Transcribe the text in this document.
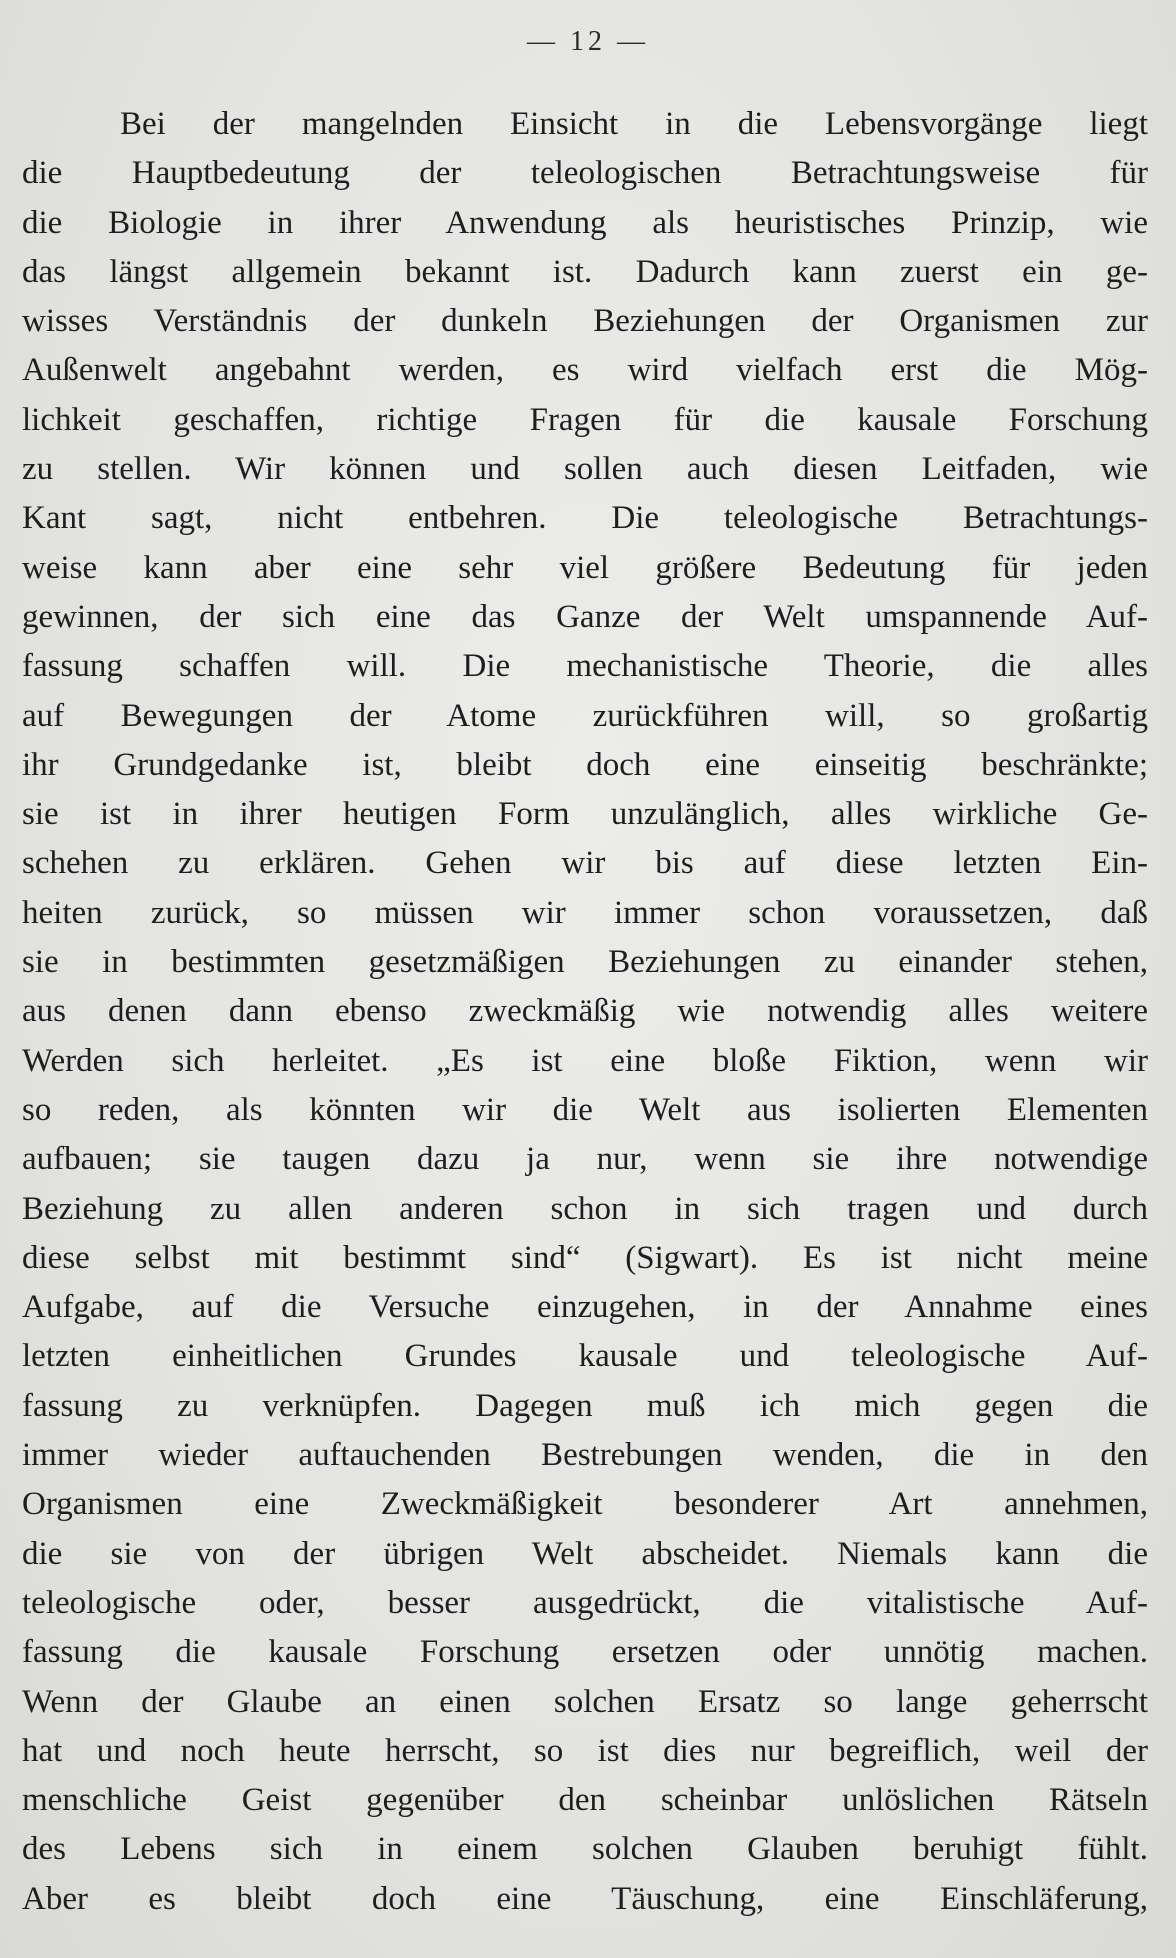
— 12 —
Bei der mangelnden Einsicht in die Lebensvorgänge liegt
die Hauptbedeutung der teleologischen Betrachtungsweise für
die Biologie in ihrer Anwendung als heuristisches Prinzip, wie
das längst allgemein bekannt ist. Dadurch kann zuerst ein ge-
wisses Verständnis der dunkeln Beziehungen der Organismen zur
Außenwelt angebahnt werden, es wird vielfach erst die Mög-
lichkeit geschaffen, richtige Fragen für die kausale Forschung
zu stellen. Wir können und sollen auch diesen Leitfaden, wie
Kant sagt, nicht entbehren. Die teleologische Betrachtungs-
weise kann aber eine sehr viel größere Bedeutung für jeden
gewinnen, der sich eine das Ganze der Welt umspannende Auf-
fassung schaffen will. Die mechanistische Theorie, die alles
auf Bewegungen der Atome zurückführen will, so großartig
ihr Grundgedanke ist, bleibt doch eine einseitig beschränkte;
sie ist in ihrer heutigen Form unzulänglich, alles wirkliche Ge-
schehen zu erklären. Gehen wir bis auf diese letzten Ein-
heiten zurück, so müssen wir immer schon voraussetzen, daß
sie in bestimmten gesetzmäßigen Beziehungen zu einander stehen,
aus denen dann ebenso zweckmäßig wie notwendig alles weitere
Werden sich herleitet. „Es ist eine bloße Fiktion, wenn wir
so reden, als könnten wir die Welt aus isolierten Elementen
aufbauen; sie taugen dazu ja nur, wenn sie ihre notwendige
Beziehung zu allen anderen schon in sich tragen und durch
diese selbst mit bestimmt sind“ (Sigwart). Es ist nicht meine
Aufgabe, auf die Versuche einzugehen, in der Annahme eines
letzten einheitlichen Grundes kausale und teleologische Auf-
fassung zu verknüpfen. Dagegen muß ich mich gegen die
immer wieder auftauchenden Bestrebungen wenden, die in den
Organismen eine Zweckmäßigkeit besonderer Art annehmen,
die sie von der übrigen Welt abscheidet. Niemals kann die
teleologische oder, besser ausgedrückt, die vitalistische Auf-
fassung die kausale Forschung ersetzen oder unnötig machen.
Wenn der Glaube an einen solchen Ersatz so lange geherrscht
hat und noch heute herrscht, so ist dies nur begreiflich, weil der
menschliche Geist gegenüber den scheinbar unlöslichen Rätseln
des Lebens sich in einem solchen Glauben beruhigt fühlt.
Aber es bleibt doch eine Täuschung, eine Einschläferung,
